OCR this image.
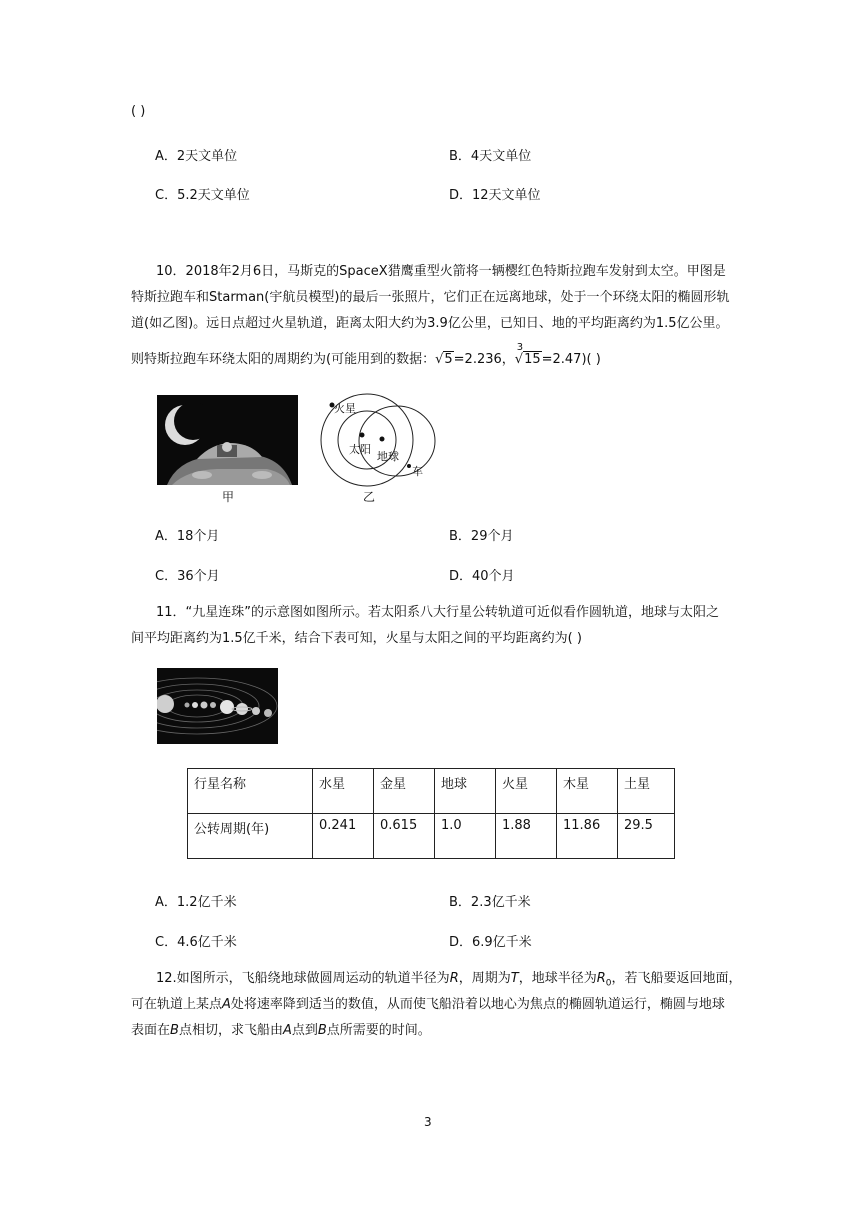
( )
A．2天文单位	B．4天文单位
C．5.2天文单位	D．12天文单位
10．2018年2月6日，马斯克的SpaceX猎鹰重型火箭将一辆樱红色特斯拉跑车发射到太空。甲图是
特斯拉跑车和Starman(宇航员模型)的最后一张照片，它们正在远离地球，处于一个环绕太阳的椭圆形轨
道(如乙图)。远日点超过火星轨道，距离太阳大约为3.9亿公里，已知日、地的平均距离约为1.5亿公里。
则特斯拉跑车环绕太阳的周期约为(可能用到的数据：√5=2.236，
3
√15=2.47)( )
甲
火星
太阳
地球
车
乙
A．18个月	B．29个月
C．36个月	D．40个月
11．“九星连珠”的示意图如图所示。若太阳系八大行星公转轨道可近似看作圆轨道，地球与太阳之
间平均距离约为1.5亿千米，结合下表可知，火星与太阳之间的平均距离约为( )
行星名称	水星	金星	地球	火星	木星	土星
公转周期(年)	0.241	0.615	1.0	1.88	11.86	29.5
A．1.2亿千米	B．2.3亿千米
C．4.6亿千米	D．6.9亿千米
12.如图所示，飞船绕地球做圆周运动的轨道半径为R，周期为T，地球半径为$R_0$，若飞船要返回地面，
可在轨道上某点A处将速率降到适当的数值，从而使飞船沿着以地心为焦点的椭圆轨道运行，椭圆与地球
表面在B点相切，求飞船由A点到B点所需要的时间。
3
